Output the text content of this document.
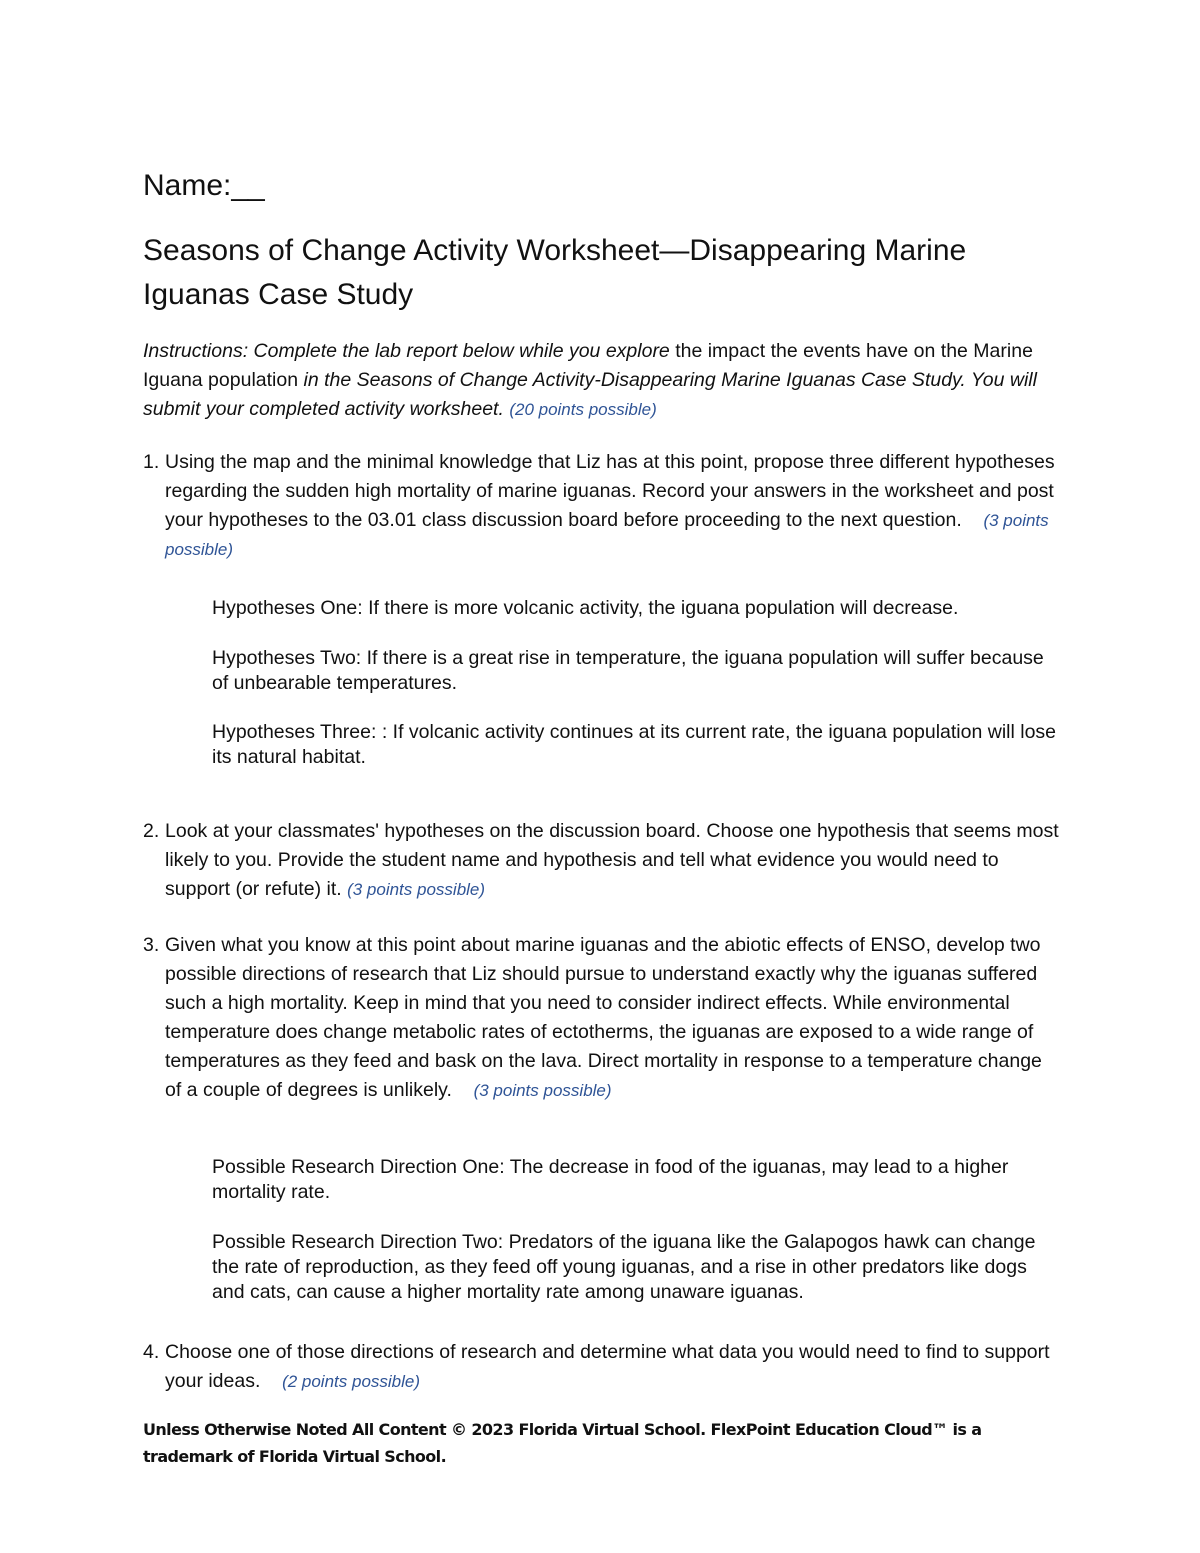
Name:__
Seasons of Change Activity Worksheet—Disappearing Marine Iguanas Case Study

Instructions: Complete the lab report below while you explore the impact the events have on the Marine Iguana population in the Seasons of Change Activity-Disappearing Marine Iguanas Case Study. You will submit your completed activity worksheet. (20 points possible)

1. Using the map and the minimal knowledge that Liz has at this point, propose three different hypotheses regarding the sudden high mortality of marine iguanas. Record your answers in the worksheet and post your hypotheses to the 03.01 class discussion board before proceeding to the next question. (3 points possible)
Hypotheses One: If there is more volcanic activity, the iguana population will decrease.
Hypotheses Two: If there is a great rise in temperature, the iguana population will suffer because of unbearable temperatures.
Hypotheses Three: : If volcanic activity continues at its current rate, the iguana population will lose its natural habitat.
2. Look at your classmates' hypotheses on the discussion board. Choose one hypothesis that seems most likely to you. Provide the student name and hypothesis and tell what evidence you would need to support (or refute) it. (3 points possible)
3. Given what you know at this point about marine iguanas and the abiotic effects of ENSO, develop two possible directions of research that Liz should pursue to understand exactly why the iguanas suffered such a high mortality. Keep in mind that you need to consider indirect effects. While environmental temperature does change metabolic rates of ectotherms, the iguanas are exposed to a wide range of temperatures as they feed and bask on the lava. Direct mortality in response to a temperature change of a couple of degrees is unlikely. (3 points possible)
Possible Research Direction One: The decrease in food of the iguanas, may lead to a higher mortality rate.
Possible Research Direction Two: Predators of the iguana like the Galapogos hawk can change the rate of reproduction, as they feed off young iguanas, and a rise in other predators like dogs and cats, can cause a higher mortality rate among unaware iguanas.
4. Choose one of those directions of research and determine what data you would need to find to support your ideas. (2 points possible)
Unless Otherwise Noted All Content © 2023 Florida Virtual School. FlexPoint Education Cloud™ is a trademark of Florida Virtual School.
